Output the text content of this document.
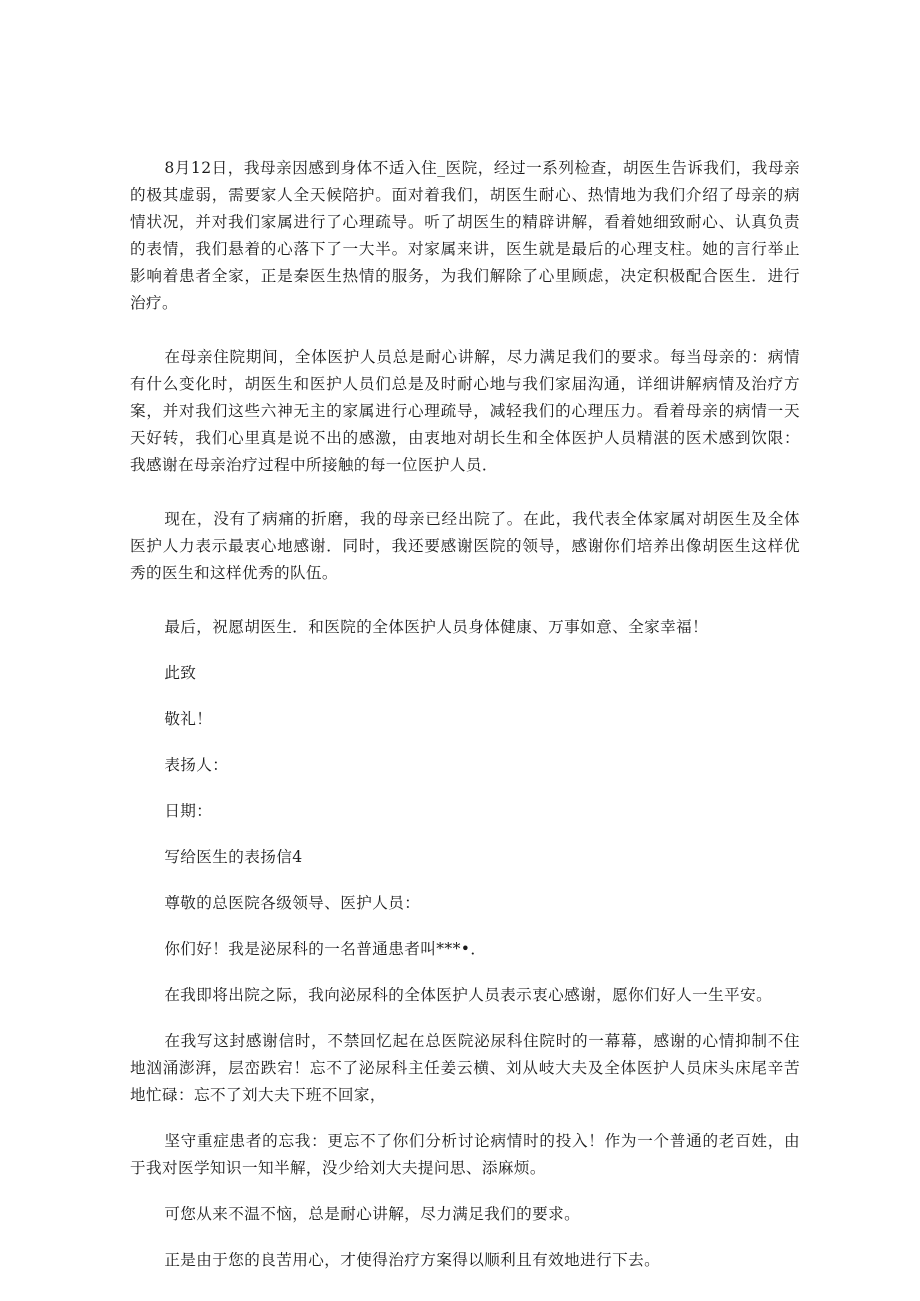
8月12日，我母亲因感到身体不适入住_医院，经过一系列检查，胡医生告诉我们，我母亲的极其虚弱，需要家人全天候陪护。面对着我们，胡医生耐心、热情地为我们介绍了母亲的病情状况，并对我们家属进行了心理疏导。听了胡医生的精辟讲解，看着她细致耐心、认真负责的表情，我们悬着的心落下了一大半。对家属来讲，医生就是最后的心理支柱。她的言行举止影响着患者全家，正是秦医生热情的服务，为我们解除了心里顾虑，决定积极配合医生．进行治疗。

在母亲住院期间，全体医护人员总是耐心讲解，尽力满足我们的要求。每当母亲的：病情有什么变化时，胡医生和医护人员们总是及时耐心地与我们家届沟通，详细讲解病情及治疗方案，并对我们这些六神无主的家属进行心理疏导，减轻我们的心理压力。看着母亲的病情一天天好转，我们心里真是说不出的感激，由衷地对胡长生和全体医护人员精湛的医术感到饮限：我感谢在母亲治疗过程中所接触的每一位医护人员．

现在，没有了病痛的折磨，我的母亲已经出院了。在此，我代表全体家属对胡医生及全体医护人力表示最衷心地感谢．同时，我还要感谢医院的领导，感谢你们培养出像胡医生这样优秀的医生和这样优秀的队伍。

最后，祝愿胡医生．和医院的全体医护人员身体健康、万事如意、全家幸福！

此致

敬礼！

表扬人：

日期：

写给医生的表扬信4

尊敬的总医院各级领导、医护人员：

你们好！我是泌尿科的一名普通患者叫***•．

在我即将出院之际，我向泌尿科的全体医护人员表示衷心感谢，愿你们好人一生平安。

在我写这封感谢信时，不禁回忆起在总医院泌尿科住院时的一幕幕，感谢的心情抑制不住地汹涌澎湃，层峦跌宕！忘不了泌尿科主任姜云横、刘从岐大夫及全体医护人员床头床尾辛苦地忙碌：忘不了刘大夫下班不回家，

坚守重症患者的忘我：更忘不了你们分析讨论病情时的投入！作为一个普通的老百姓，由于我对医学知识一知半解，没少给刘大夫提问思、添麻烦。

可您从来不温不恼，总是耐心讲解，尽力满足我们的要求。

正是由于您的良苦用心，才使得治疗方案得以顺利且有效地进行下去。
